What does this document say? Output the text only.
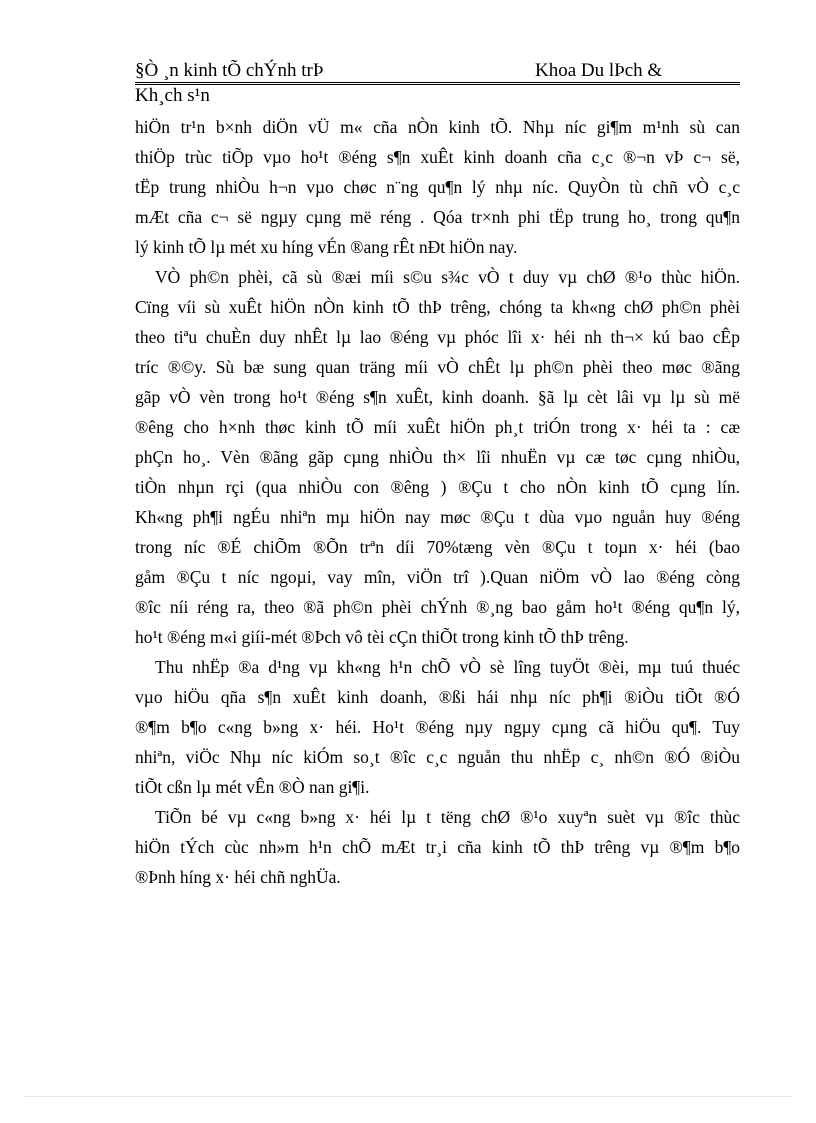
§Ò ¸n kinh tÕ chÝnh trÞ	Khoa Du lÞch &
Kh¸ch s¹n
hiÖn tr¹n b×nh diÖn vÜ m« cña nÒn kinh tÕ. Nhµ níc gi¶m m¹nh sù can
thiÖp trùc tiÕp vµo ho¹t ®éng s¶n xuÊt kinh doanh cña c¸c ®¬n vÞ c¬ së,
tËp trung nhiÒu h¬n vµo chøc n¨ng qu¶n lý nhµ níc. QuyÒn tù chñ vÒ c¸c
mÆt cña c¬ së ngµy cµng më réng . Qóa tr×nh phi tËp trung ho¸ trong qu¶n
lý kinh tÕ lµ mét xu híng vÉn ®ang rÊt nÐt hiÖn nay.
VÒ ph©n phèi, cã sù ®æi míi s©u s¾c vÒ t duy vµ chØ ®¹o thùc hiÖn.
Cïng víi sù xuÊt hiÖn nÒn kinh tÕ thÞ trêng, chóng ta kh«ng chØ ph©n phèi
theo tiªu chuÈn duy nhÊt lµ lao ®éng vµ phóc lîi x· héi nh th¬× kú bao cÊp
tríc ®©y. Sù bæ sung quan träng míi vÒ chÊt lµ ph©n phèi theo møc ®ãng
gãp vÒ vèn trong ho¹t ®éng s¶n xuÊt, kinh doanh. §ã lµ cèt lâi vµ lµ sù më
®êng cho h×nh thøc kinh tÕ míi xuÊt hiÖn ph¸t triÓn trong x· héi ta : cæ
phÇn ho¸. Vèn ®ãng gãp cµng nhiÒu th× lîi nhuËn vµ cæ tøc cµng nhiÒu,
tiÒn nhµn rçi (qua nhiÒu con ®êng ) ®Çu t cho nÒn kinh tÕ cµng lín.
Kh«ng ph¶i ngÉu nhiªn mµ hiÖn nay møc ®Çu t dùa vµo nguån huy ®éng
trong níc ®É chiÕm ®Õn trªn díi 70%tæng vèn ®Çu t toµn x· héi (bao
gåm ®Çu t níc ngoµi, vay mîn, viÖn trî ).Quan niÖm vÒ lao ®éng còng
®îc níi réng ra, theo ®ã ph©n phèi chÝnh ®¸ng bao gåm ho¹t ®éng qu¶n lý,
ho¹t ®éng m«i giíi-mét ®Þch vô tèi cÇn thiÕt trong kinh tÕ thÞ trêng.
Thu nhËp ®a d¹ng vµ kh«ng h¹n chÕ vÒ sè lîng tuyÖt ®èi, mµ tuú thuéc
vµo hiÖu qña s¶n xuÊt kinh doanh, ®ßi hái nhµ níc ph¶i ®iÒu tiÕt ®Ó
®¶m b¶o c«ng b»ng x· héi. Ho¹t ®éng nµy ngµy cµng cã hiÖu qu¶. Tuy
nhiªn, viÖc Nhµ níc kiÓm so¸t ®îc c¸c nguån thu nhËp c¸ nh©n ®Ó ®iÒu
tiÕt cßn lµ mét vÊn ®Ò nan gi¶i.
TiÕn bé vµ c«ng b»ng x· héi lµ t tëng chØ ®¹o xuyªn suèt vµ ®îc thùc
hiÖn tÝch cùc nh»m h¹n chÕ mÆt tr¸i cña kinh tÕ thÞ trêng vµ ®¶m b¶o
®Þnh híng x· héi chñ nghÜa.
